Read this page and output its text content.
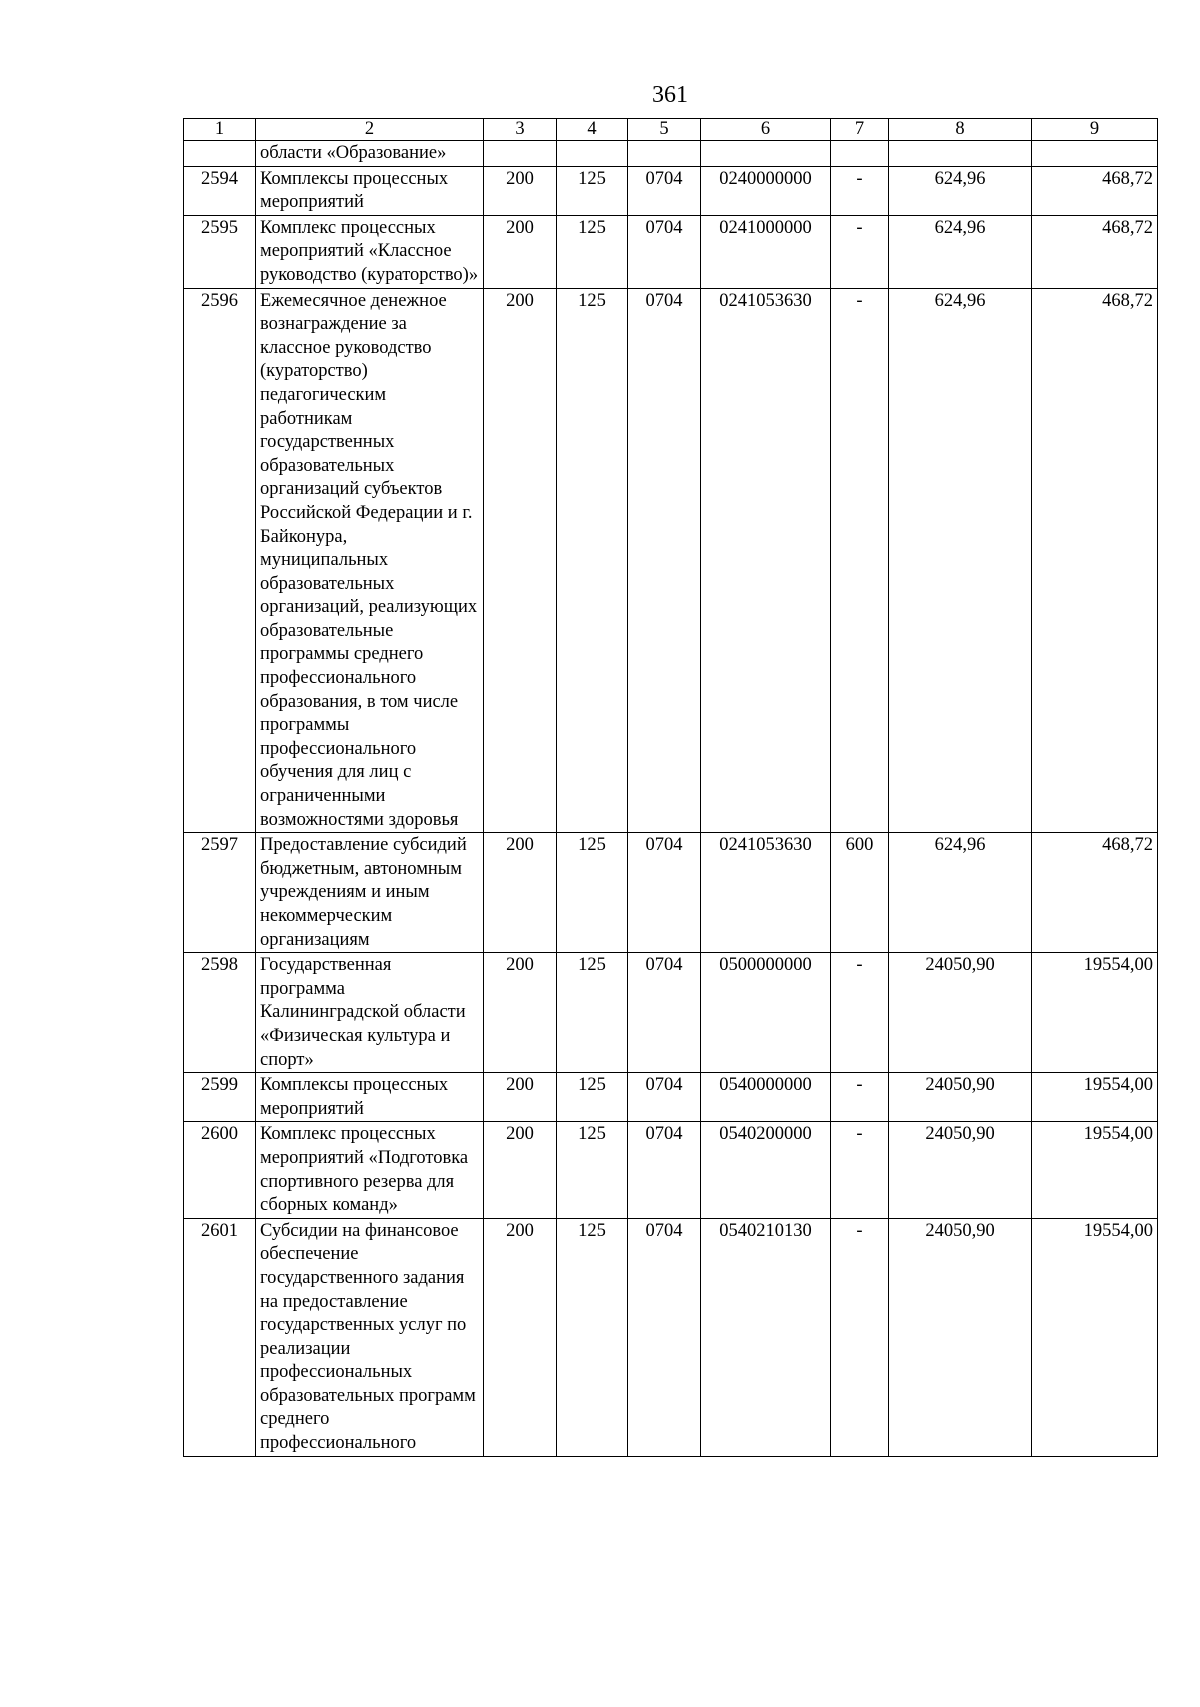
361
1	2	3	4	5	6	7	8	9
	области «Образование»							
2594	Комплексы процессных мероприятий	200	125	0704	0240000000	-	624,96	468,72
2595	Комплекс процессных мероприятий «Классное руководство (кураторство)»	200	125	0704	0241000000	-	624,96	468,72
2596	Ежемесячное денежное вознаграждение за классное руководство (кураторство) педагогическим работникам государственных образовательных организаций субъектов Российской Федерации и г. Байконура, муниципальных образовательных организаций, реализующих образовательные программы среднего профессионального образования, в том числе программы профессионального обучения для лиц с ограниченными возможностями здоровья	200	125	0704	0241053630	-	624,96	468,72
2597	Предоставление субсидий бюджетным, автономным учреждениям и иным некоммерческим организациям	200	125	0704	0241053630	600	624,96	468,72
2598	Государственная программа Калининградской области «Физическая культура и спорт»	200	125	0704	0500000000	-	24050,90	19554,00
2599	Комплексы процессных мероприятий	200	125	0704	0540000000	-	24050,90	19554,00
2600	Комплекс процессных мероприятий «Подготовка спортивного резерва для сборных команд»	200	125	0704	0540200000	-	24050,90	19554,00
2601	Субсидии на финансовое обеспечение государственного задания на предоставление государственных услуг по реализации профессиональных образовательных программ среднего профессионального	200	125	0704	0540210130	-	24050,90	19554,00
